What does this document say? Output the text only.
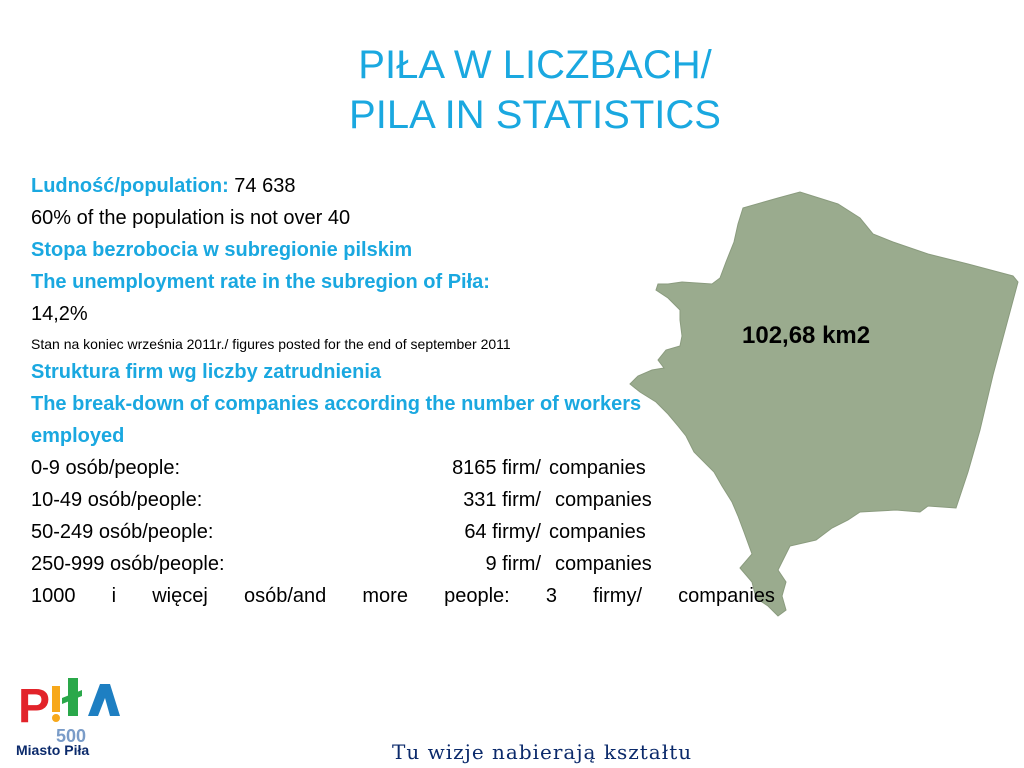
PIŁA W LICZBACH/
PILA IN STATISTICS
102,68 km2
Ludność/population: 74 638
60% of the population is not over 40
Stopa bezrobocia w subregionie pilskim
The unemployment rate in the subregion of Piła:
14,2%
Stan na koniec września 2011r./ figures posted for the end of september 2011
Struktura firm wg liczby zatrudnienia
The break-down of companies according the number of workers
employed
0-9 osób/people:	8165 firm/ companies
10-49 osób/people:	331 firm/ companies
50-249 osób/people:	64 firmy/ companies
250-999 osób/people:	9 firm/ companies
1000 i więcej osób/and more people: 3 firmy/ companies
P
500
Miasto Piła	Tu wizje nabierają kształtu
